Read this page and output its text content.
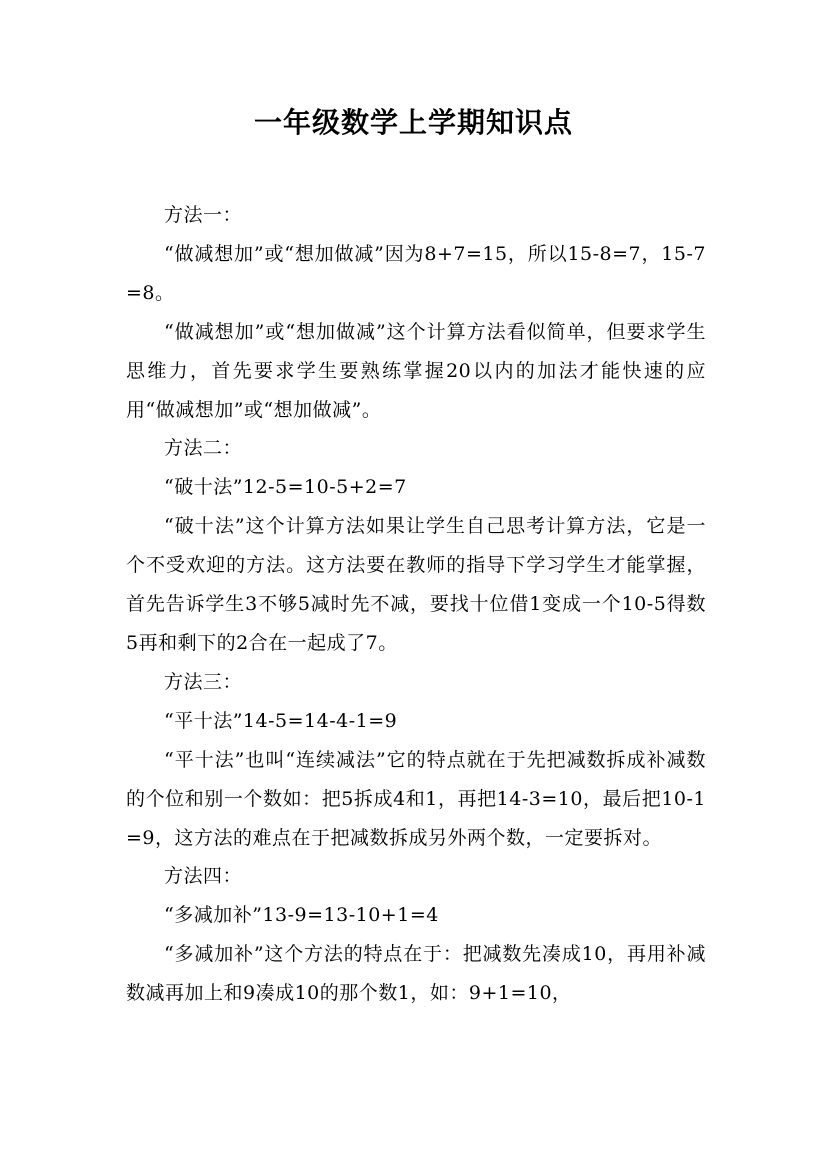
一年级数学上学期知识点

方法一：

“做减想加”或“想加做减”因为8+7=15，所以15-8=7，15-7=8。

“做减想加”或“想加做减”这个计算方法看似简单，但要求学生思维力，首先要求学生要熟练掌握20以内的加法才能快速的应用“做减想加”或“想加做减”。

方法二：

“破十法”12-5=10-5+2=7

“破十法”这个计算方法如果让学生自己思考计算方法，它是一个不受欢迎的方法。这方法要在教师的指导下学习学生才能掌握，首先告诉学生3不够5减时先不减，要找十位借1变成一个10-5得数5再和剩下的2合在一起成了7。

方法三：

“平十法”14-5=14-4-1=9

“平十法”也叫“连续减法”它的特点就在于先把减数拆成补减数的个位和别一个数如：把5拆成4和1，再把14-3=10，最后把10-1=9，这方法的难点在于把减数拆成另外两个数，一定要拆对。

方法四：

“多减加补”13-9=13-10+1=4

“多减加补”这个方法的特点在于：把减数先凑成10，再用补减数减再加上和9凑成10的那个数1，如：9+1=10，
